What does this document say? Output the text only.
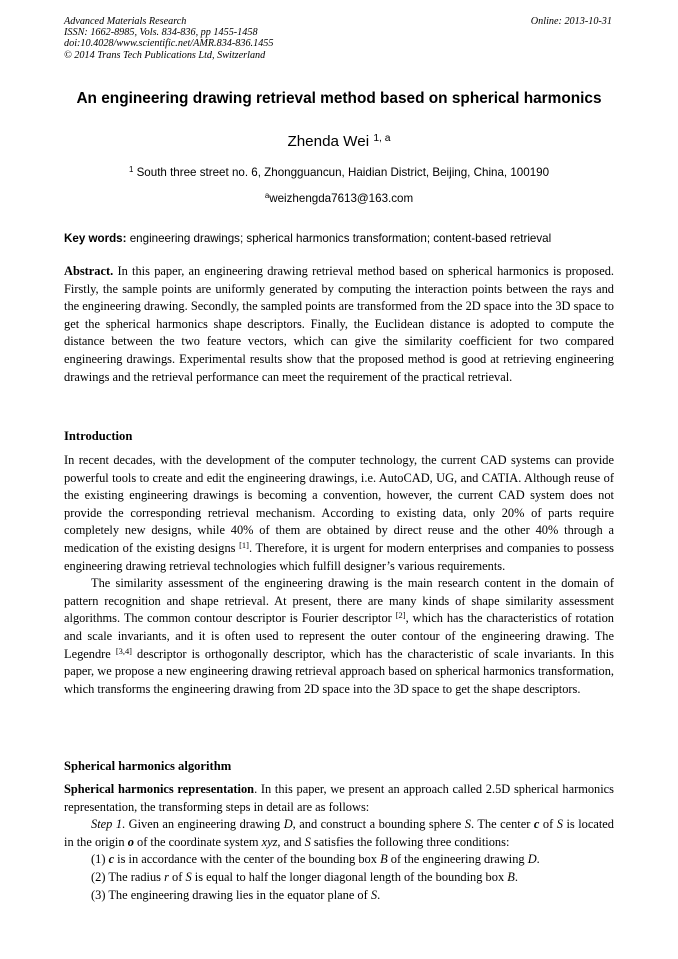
Advanced Materials Research
ISSN: 1662-8985, Vols. 834-836, pp 1455-1458
doi:10.4028/www.scientific.net/AMR.834-836.1455
© 2014 Trans Tech Publications Ltd, Switzerland
Online: 2013-10-31
An engineering drawing retrieval method based on spherical harmonics
Zhenda Wei $^{1, a}$
$^1$ South three street no. 6, Zhongguancun, Haidian District, Beijing, China, 100190
$^a$weizhengda7613@163.com
Key words: engineering drawings; spherical harmonics transformation; content-based retrieval

Abstract. In this paper, an engineering drawing retrieval method based on spherical harmonics is proposed. Firstly, the sample points are uniformly generated by computing the interaction points between the rays and the engineering drawing. Secondly, the sampled points are transformed from the 2D space into the 3D space to get the spherical harmonics shape descriptors. Finally, the Euclidean distance is adopted to compute the distance between the two feature vectors, which can give the similarity coefficient for two compared engineering drawings. Experimental results show that the proposed method is good at retrieving engineering drawings and the retrieval performance can meet the requirement of the practical retrieval.

Introduction

In recent decades, with the development of the computer technology, the current CAD systems can provide powerful tools to create and edit the engineering drawings, i.e. AutoCAD, UG, and CATIA. Although reuse of the existing engineering drawings is becoming a convention, however, the current CAD system does not provide the corresponding retrieval mechanism. According to existing data, only 20% of parts require completely new designs, while 40% of them are obtained by direct reuse and the other 40% through a medication of the existing designs [1]. Therefore, it is urgent for modern enterprises and companies to possess engineering drawing retrieval technologies which fulfill designer’s various requirements.

The similarity assessment of the engineering drawing is the main research content in the domain of pattern recognition and shape retrieval. At present, there are many kinds of shape similarity assessment algorithms. The common contour descriptor is Fourier descriptor [2], which has the characteristics of rotation and scale invariants, and it is often used to represent the outer contour of the engineering drawing. The Legendre [3,4] descriptor is orthogonally descriptor, which has the characteristic of scale invariants. In this paper, we propose a new engineering drawing retrieval approach based on spherical harmonics transformation, which transforms the engineering drawing from 2D space into the 3D space to get the shape descriptors.

Spherical harmonics algorithm

Spherical harmonics representation. In this paper, we present an approach called 2.5D spherical harmonics representation, the transforming steps in detail are as follows:

Step 1. Given an engineering drawing D, and construct a bounding sphere S. The center c of S is located in the origin o of the coordinate system xyz, and S satisfies the following three conditions:

(1) c is in accordance with the center of the bounding box B of the engineering drawing D.

(2) The radius r of S is equal to half the longer diagonal length of the bounding box B.

(3) The engineering drawing lies in the equator plane of S.
